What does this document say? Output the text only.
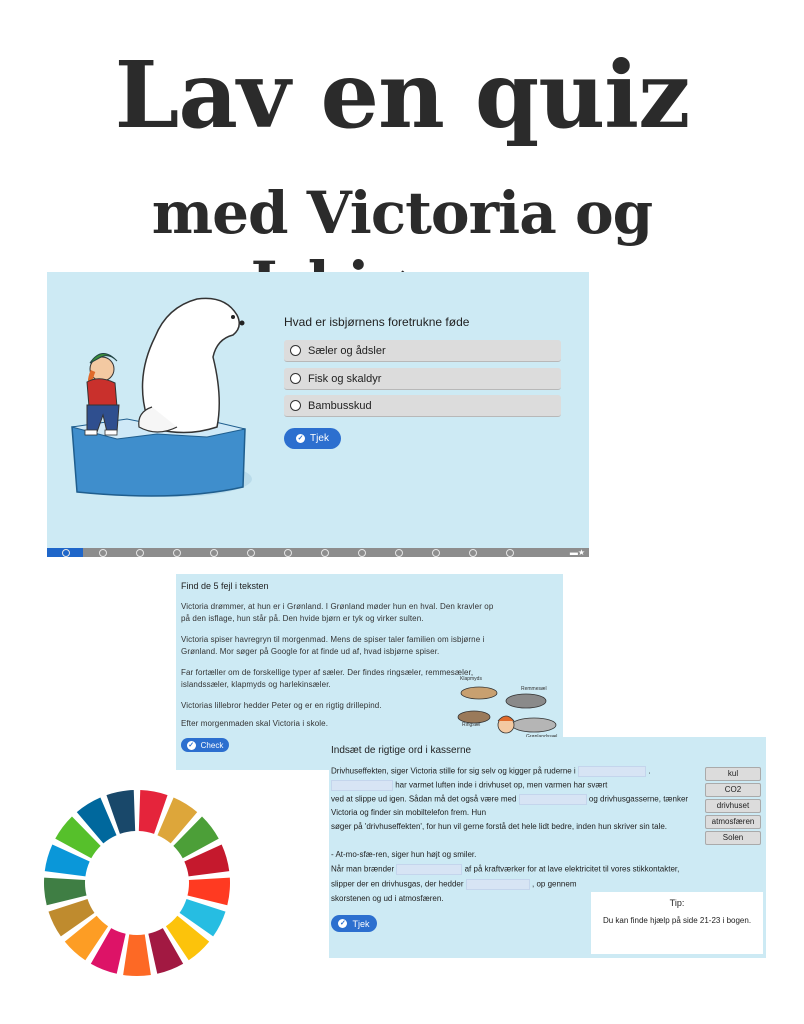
Lav en quiz
med Victoria og
Hvad er isbjørnens foretrukne føde
Sæler og ådsler
Fisk og skaldyr
Bambusskud
✓ Tjek
▬★
Find de 5 fejl i teksten
Victoria drømmer, at hun er i Grønland. I Grønland møder hun en hval. Den kravler op på den isflage, hun står på. Den hvide bjørn er tyk og virker sulten.
Victoria spiser havregryn til morgenmad. Mens de spiser taler familien om isbjørne i Grønland. Mor søger på Google for at finde ud af, hvad isbjørne spiser.
Far fortæller om de forskellige typer af sæler. Der findes ringsæler, remmesæler, islandssæler, klapmyds og harlekinsæler.
Victorias lillebror hedder Peter og er en rigtig drillepind.
Efter morgenmaden skal Victoria i skole.
Klapmyds
Remmesæl
Ringsæl
✓ Check	Indsæt de rigtige ord i kasserne
Drivhuseffekten, siger Victoria stille for sig selv og kigger på ruderne i	.
har varmet luften inde i drivhuset op, men varmen har svært
ved at slippe ud igen. Sådan må det også være med	og drivhusgasserne, tænker
Victoria og finder sin mobiltelefon frem. Hun
søger på 'drivhuseffekten', for hun vil gerne forstå det hele lidt bedre, inden hun skriver sin tale.
- At-mo-sfæ-ren, siger hun højt og smiler.
Når man brænder	af på kraftværker for at lave elektricitet til vores stikkontakter,
slipper der en drivhusgas, der hedder	, op gennem
skorstenen og ud i atmosfæren.
kul
CO2
drivhuset
atmosfæren
Solen
✓ Tjek
Tip:
Du kan finde hjælp på side 21-23 i bogen.
